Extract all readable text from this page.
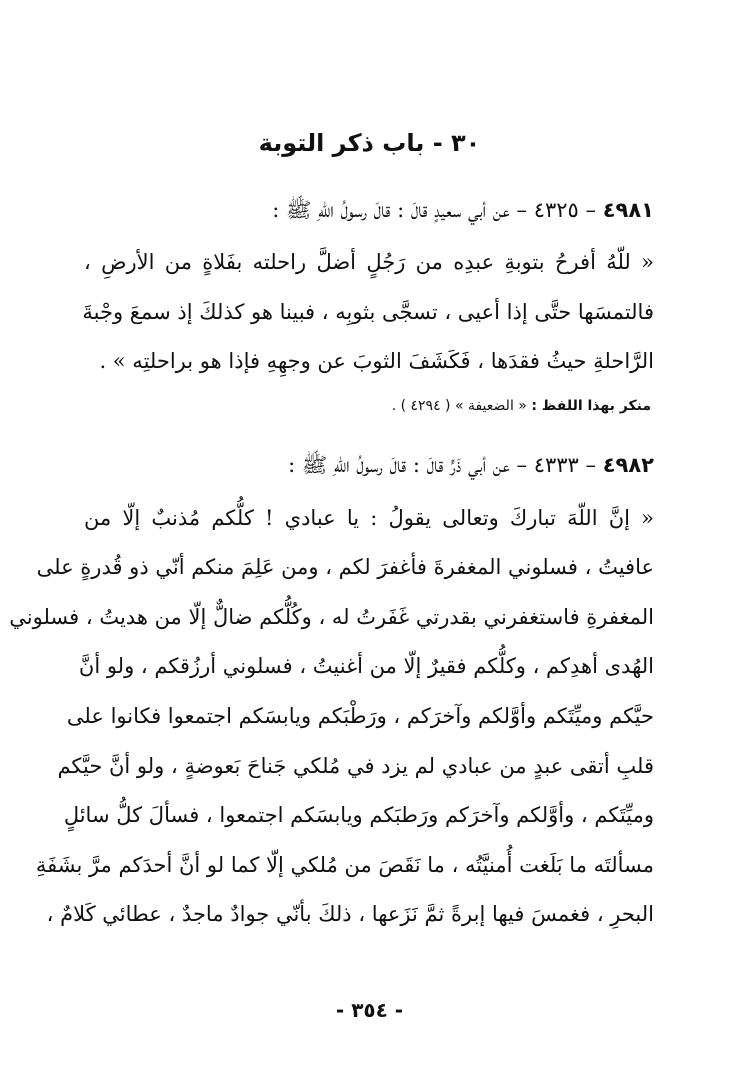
٣٠ - باب ذكر التوبة
٤٩٨١ – ٤٣٢٥ – عن أبي سعيدٍ قالَ : قالَ رسولُ اللهِ ﷺ :
« للّهُ أفرحُ بتوبةِ عبدِه من رَجُلٍ أضلَّ راحلته بفَلاةٍ من الأرضِ ،
فالتمسَها حتَّى إذا أعيى ، تسجَّى بثوبِه ، فبينا هو كذلكَ إذ سمعَ وجْبةَ
الرَّاحلةِ حيثُ فقدَها ، فَكَشَفَ الثوبَ عن وجهِهِ فإذا هو براحلتِه » .
منكر بهذا اللفظ : « الضعيفة » ( ٤٢٩٤ ) .
٤٩٨٢ – ٤٣٣٣ – عن أبي ذَرٍّ قالَ : قالَ رسولُ اللهِ ﷺ :
« إنَّ اللّهَ تباركَ وتعالى يقولُ : يا عبادي ! كلُّكم مُذنبٌ إلّا من
عافيتُ ، فسلوني المغفرةَ فأغفرَ لكم ، ومن عَلِمَ منكم أنّي ذو قُدرةٍ على
المغفرةِ فاستغفرني بقدرتي غَفَرتُ له ، وكُلُّكم ضالٌّ إلّا من هديتُ ، فسلوني
الهُدى أهدِكم ، وكلُّكم فقيرٌ إلّا من أغنيتُ ، فسلوني أرزُقكم ، ولو أنَّ
حيَّكم وميِّتَكم وأوَّلكم وآخرَكم ، ورَطْبَكم ويابسَكم اجتمعوا فكانوا على
قلبِ أتقى عبدٍ من عبادي لم يزد في مُلكي جَناحَ بَعوضةٍ ، ولو أنَّ حيَّكم
وميِّتَكم ، وأوَّلكم وآخرَكم ورَطبَكم ويابسَكم اجتمعوا ، فسألَ كلُّ سائلٍ
مسألتَه ما بَلَغت أُمنيَّتُه ، ما نَقَصَ من مُلكي إلّا كما لو أنَّ أحدَكم مرَّ بشَفَةِ
البحرِ ، فغمسَ فيها إبرةً ثمَّ نَزَعها ، ذلكَ بأنّي جوادٌ ماجدٌ ، عطائي كَلامٌ ،
- ٣٥٤ -
